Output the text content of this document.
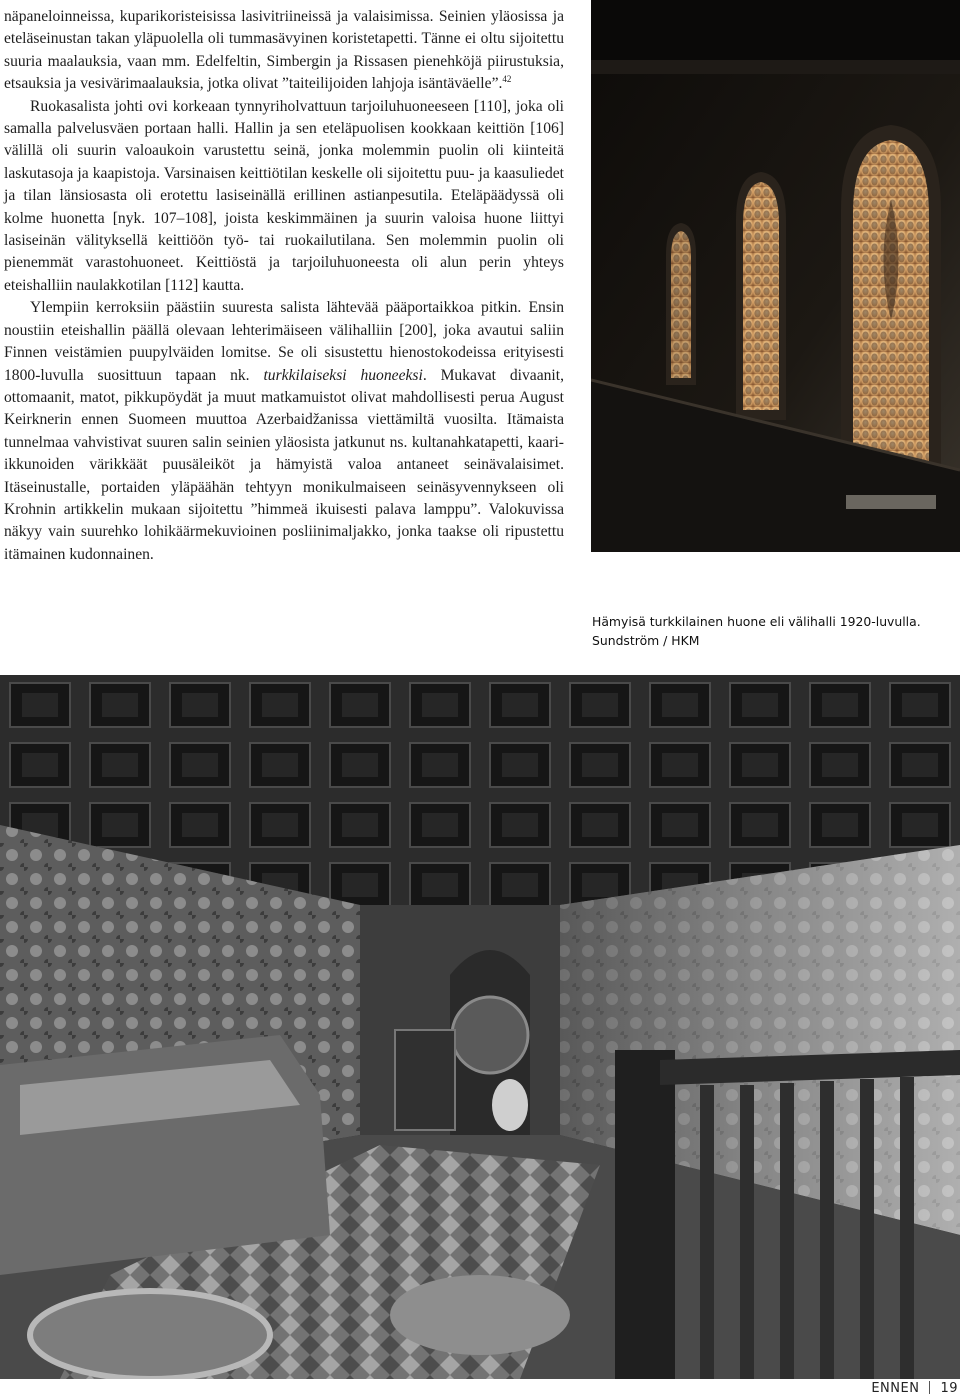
näpaneloinneissa, kuparikoristeisissa lasivitriineissä ja valaisimissa. Seinien yläosissa ja eteläseinustan takan yläpuolella oli tummasävyinen koristetapetti. Tänne ei oltu sijoitettu suuria maalauksia, vaan mm. Edelfeltin, Simbergin ja Rissasen pienehköjä piirustuksia, etsauksia ja vesivärimaalauksia, jotka olivat ”taiteilijoiden lahjoja isäntäväelle”.$^{42}$

Ruokasalista johti ovi korkeaan tynnyriholvattuun tarjoiluhuoneeseen [110], joka oli samalla palvelusväen portaan halli. Hallin ja sen eteläpuolisen kookkaan keittiön [106] välillä oli suurin valoaukoin varustettu seinä, jonka molemmin puolin oli kiinteitä laskutasoja ja kaapistoja. Varsinaisen keittiötilan keskelle oli sijoitettu puu- ja kaasuliedet ja tilan länsiosasta oli erotettu lasiseinällä erillinen astianpesutila. Eteläpäädyssä oli kolme huonetta [nyk. 107–108], joista keskimmäinen ja suurin valoisa huone liittyi lasiseinän välityksellä keittiöön työ- tai ruokailutilana. Sen molemmin puolin oli pienemmät varastohuoneet. Keittiöstä ja tarjoiluhuoneesta oli alun perin yhteys eteishalliin naulakkotilan [112] kautta.

Ylempiin kerroksiin päästiin suuresta salista lähtevää pääportaikkoa pitkin. Ensin noustiin eteishallin päällä olevaan lehterimäiseen välihalliin [200], joka avautui saliin Finnen veistämien puupylväiden lomitse. Se oli sisustettu hienostokodeissa erityisesti 1800-luvulla suosittuun tapaan nk. turkkilaiseksi huoneeksi. Mukavat divaanit, ottomaanit, matot, pikkupöydät ja muut matkamuistot olivat mahdollisesti perua August Keirknerin ennen Suomeen muuttoa Azerbaidžanissa viettämiltä vuosilta. Itämaista tunnelmaa vahvistivat suuren salin seinien yläosista jatkunut ns. kultanahkatapetti, kaari-ikkunoiden värikkäät puusäleiköt ja hämyistä valoa antaneet seinävalaisimet. Itäseinustalle, portaiden yläpäähän tehtyyn monikulmaiseen seinäsyvennykseen oli Krohnin artikkelin mukaan sijoitettu ”himmeä ikuisesti palava lamppu”. Valokuvissa näkyy vain suurehko lohikäärmekuvioinen posliinimaljakko, jonka taakse oli ripustettu itämainen kudonnainen.

Hämyisä turkkilainen huone eli välihalli 1920-luvulla. Sundström / HKM

ENNEN 19
